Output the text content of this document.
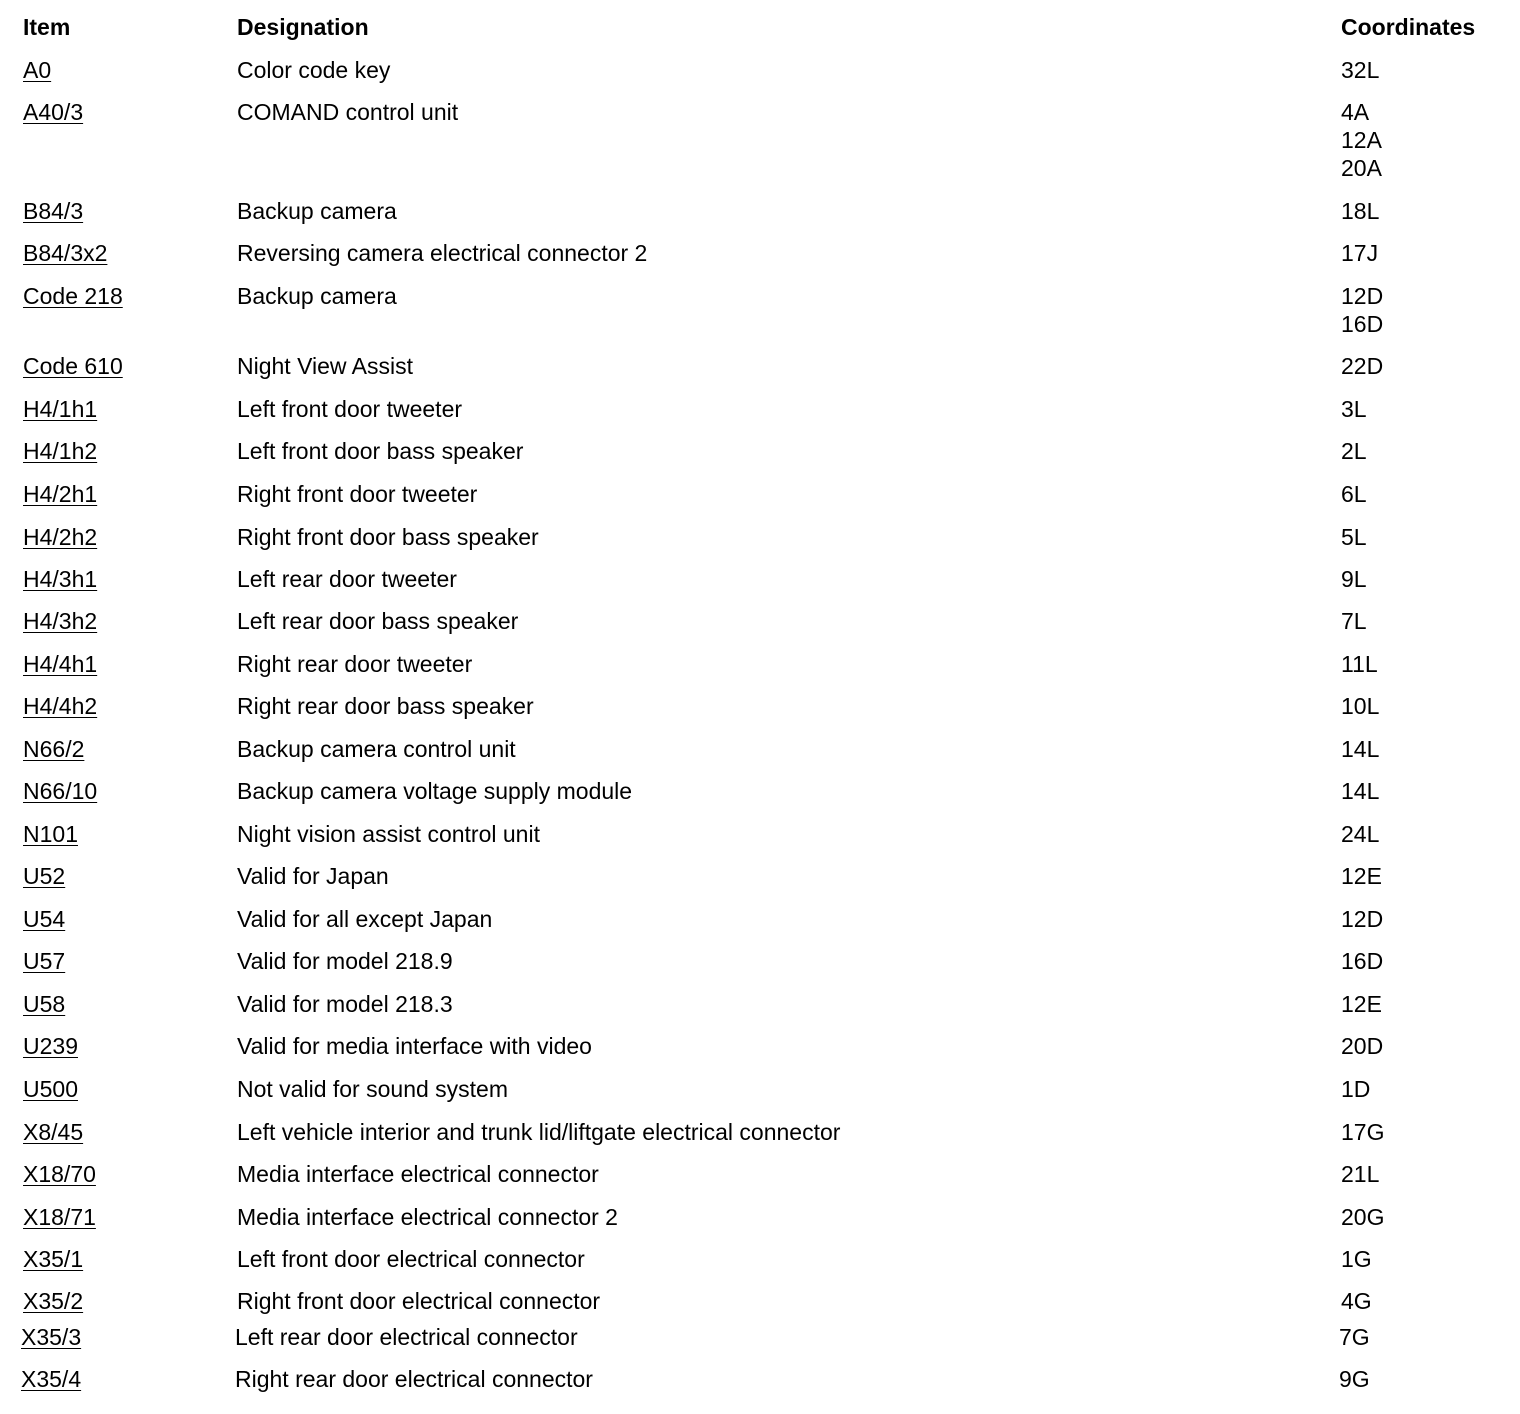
Item	Designation	Coordinates
A0	Color code key	32L
A40/3	COMAND control unit	4A
12A
20A
B84/3	Backup camera	18L
B84/3x2	Reversing camera electrical connector 2	17J
Code 218	Backup camera	12D
16D
Code 610	Night View Assist	22D
H4/1h1	Left front door tweeter	3L
H4/1h2	Left front door bass speaker	2L
H4/2h1	Right front door tweeter	6L
H4/2h2	Right front door bass speaker	5L
H4/3h1	Left rear door tweeter	9L
H4/3h2	Left rear door bass speaker	7L
H4/4h1	Right rear door tweeter	11L
H4/4h2	Right rear door bass speaker	10L
N66/2	Backup camera control unit	14L
N66/10	Backup camera voltage supply module	14L
N101	Night vision assist control unit	24L
U52	Valid for Japan	12E
U54	Valid for all except Japan	12D
U57	Valid for model 218.9	16D
U58	Valid for model 218.3	12E
U239	Valid for media interface with video	20D
U500	Not valid for sound system	1D
X8/45	Left vehicle interior and trunk lid/liftgate electrical connector	17G
X18/70	Media interface electrical connector	21L
X18/71	Media interface electrical connector 2	20G
X35/1	Left front door electrical connector	1G
X35/2	Right front door electrical connector	4G
X35/3	Left rear door electrical connector	7G
X35/4	Right rear door electrical connector	9G
